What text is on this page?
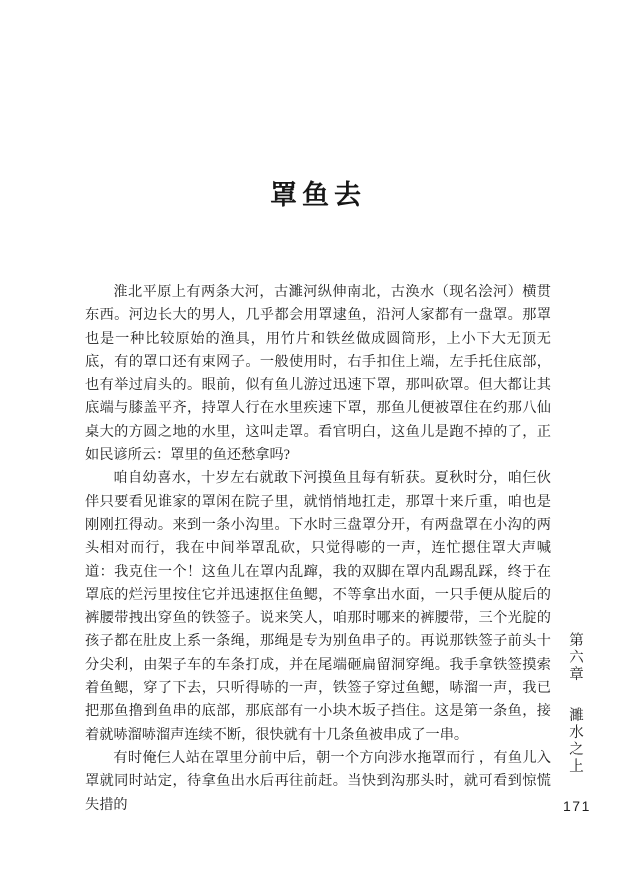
罩鱼去

淮北平原上有两条大河，古濉河纵伸南北，古涣水（现名浍河）横贯东西。河边长大的男人，几乎都会用罩逮鱼，沿河人家都有一盘罩。那罩也是一种比较原始的渔具，用竹片和铁丝做成圆筒形，上小下大无顶无底，有的罩口还有束网子。一般使用时，右手扣住上端，左手托住底部，也有举过肩头的。眼前，似有鱼儿游过迅速下罩，那叫砍罩。但大都让其底端与膝盖平齐，持罩人行在水里疾速下罩，那鱼儿便被罩住在约那八仙桌大的方圆之地的水里，这叫走罩。看官明白，这鱼儿是跑不掉的了，正如民谚所云：罩里的鱼还愁拿吗?

咱自幼喜水，十岁左右就敢下河摸鱼且每有斩获。夏秋时分，咱仨伙伴只要看见谁家的罩闲在院子里，就悄悄地扛走，那罩十来斤重，咱也是刚刚扛得动。来到一条小沟里。下水时三盘罩分开，有两盘罩在小沟的两头相对而行，我在中间举罩乱砍，只觉得嘭的一声，连忙摁住罩大声喊道：我克住一个！这鱼儿在罩内乱蹿，我的双脚在罩内乱踢乱踩，终于在罩底的烂污里按住它并迅速抠住鱼鳃，不等拿出水面，一只手便从腚后的裤腰带拽出穿鱼的铁签子。说来笑人，咱那时哪来的裤腰带，三个光腚的孩子都在肚皮上系一条绳，那绳是专为别鱼串子的。再说那铁签子前头十分尖利，由架子车的车条打成，并在尾端砸扁留洞穿绳。我手拿铁签摸索着鱼鳃，穿了下去，只听得哧的一声，铁签子穿过鱼鳃，哧溜一声，我已把那鱼撸到鱼串的底部，那底部有一小块木坂子挡住。这是第一条鱼，接着就哧溜哧溜声连续不断，很快就有十几条鱼被串成了一串。

有时俺仨人站在罩里分前中后，朝一个方向涉水拖罩而行 ，有鱼儿入罩就同时站定，待拿鱼出水后再往前赶。当快到沟那头时，就可看到惊慌失措的

第六章 濉水之上
171
